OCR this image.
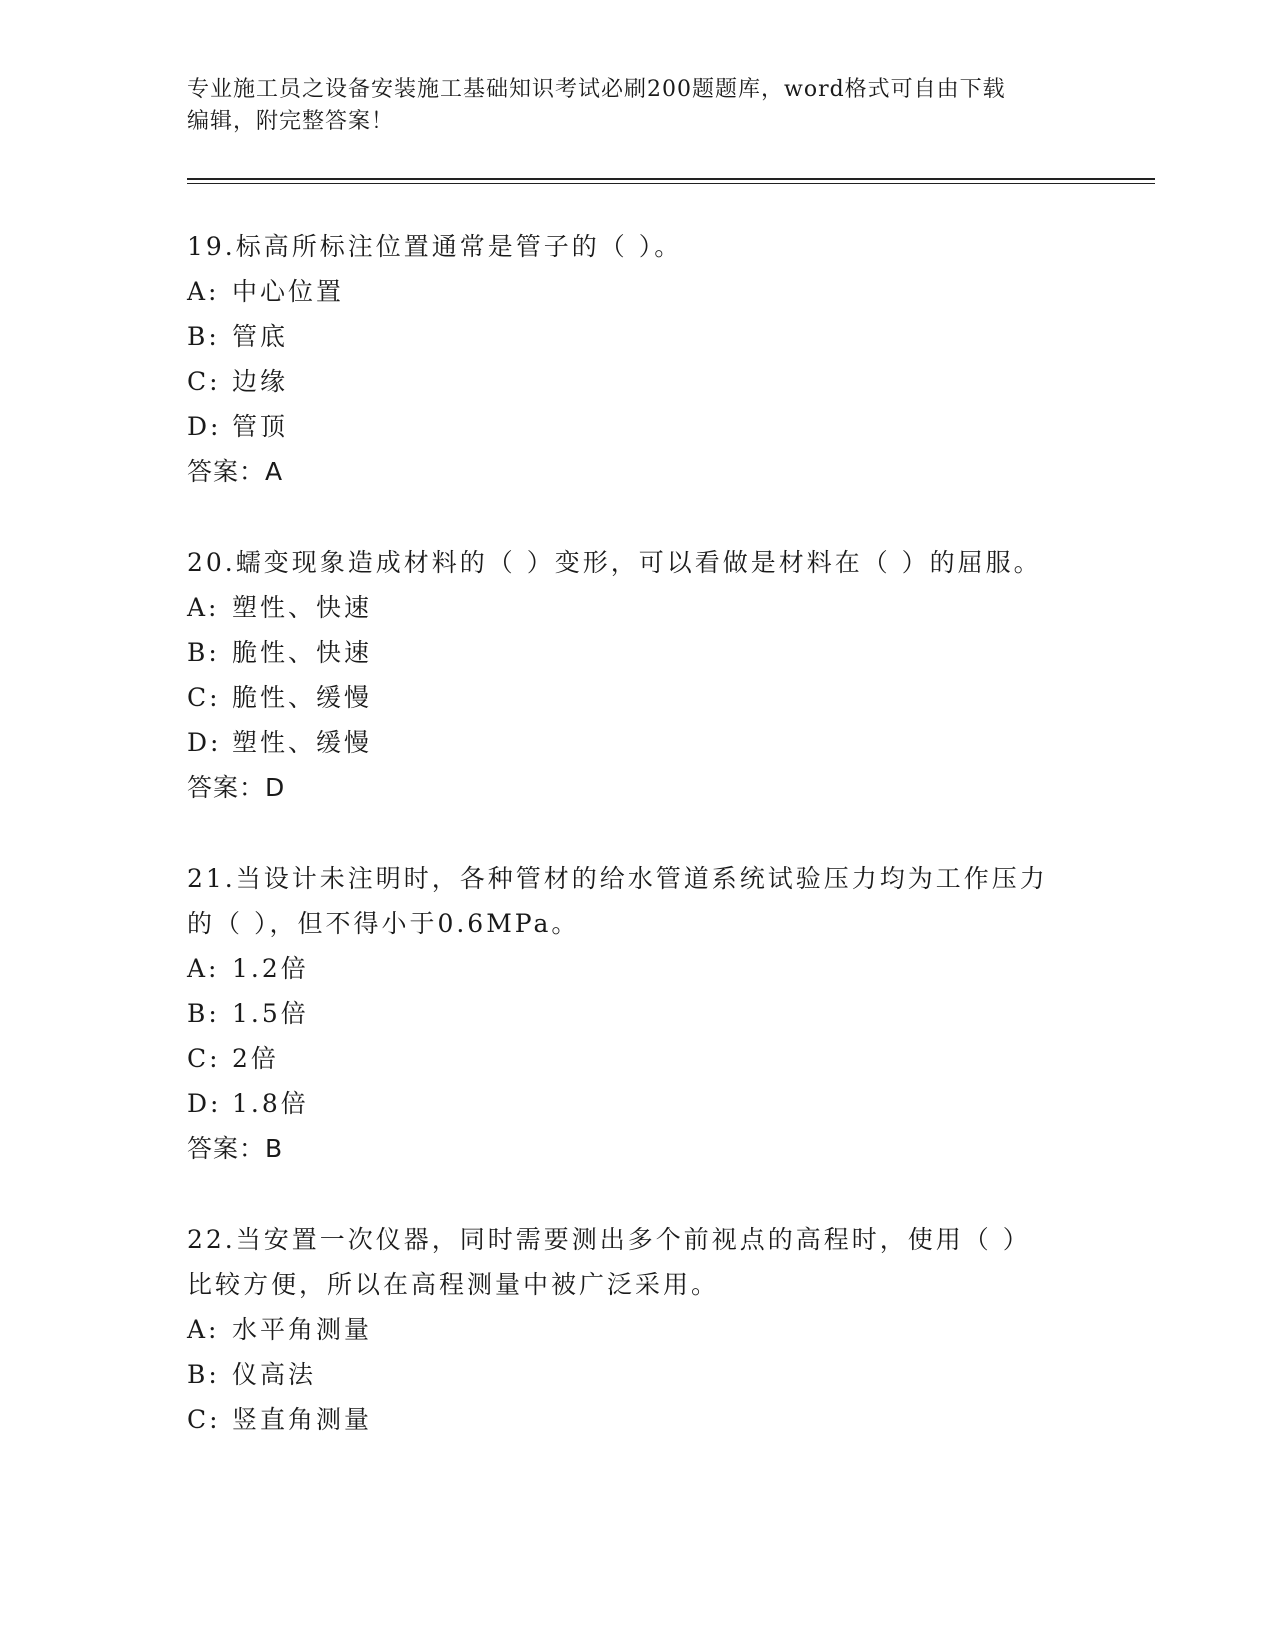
专业施工员之设备安装施工基础知识考试必刷200题题库，word格式可自由下载
编辑，附完整答案！

19.标高所标注位置通常是管子的（ ）。

A: 中心位置

B: 管底

C: 边缘

D: 管顶

答案：A

20.蠕变现象造成材料的（ ）变形，可以看做是材料在（ ）的屈服。

A: 塑性、快速

B: 脆性、快速

C: 脆性、缓慢

D: 塑性、缓慢

答案：D

21.当设计未注明时，各种管材的给水管道系统试验压力均为工作压力

的（ ），但不得小于0.6MPa。

A: 1.2倍

B: 1.5倍

C: 2倍

D: 1.8倍

答案：B

22.当安置一次仪器，同时需要测出多个前视点的高程时，使用（ ）

比较方便，所以在高程测量中被广泛采用。

A: 水平角测量

B: 仪高法

C: 竖直角测量
